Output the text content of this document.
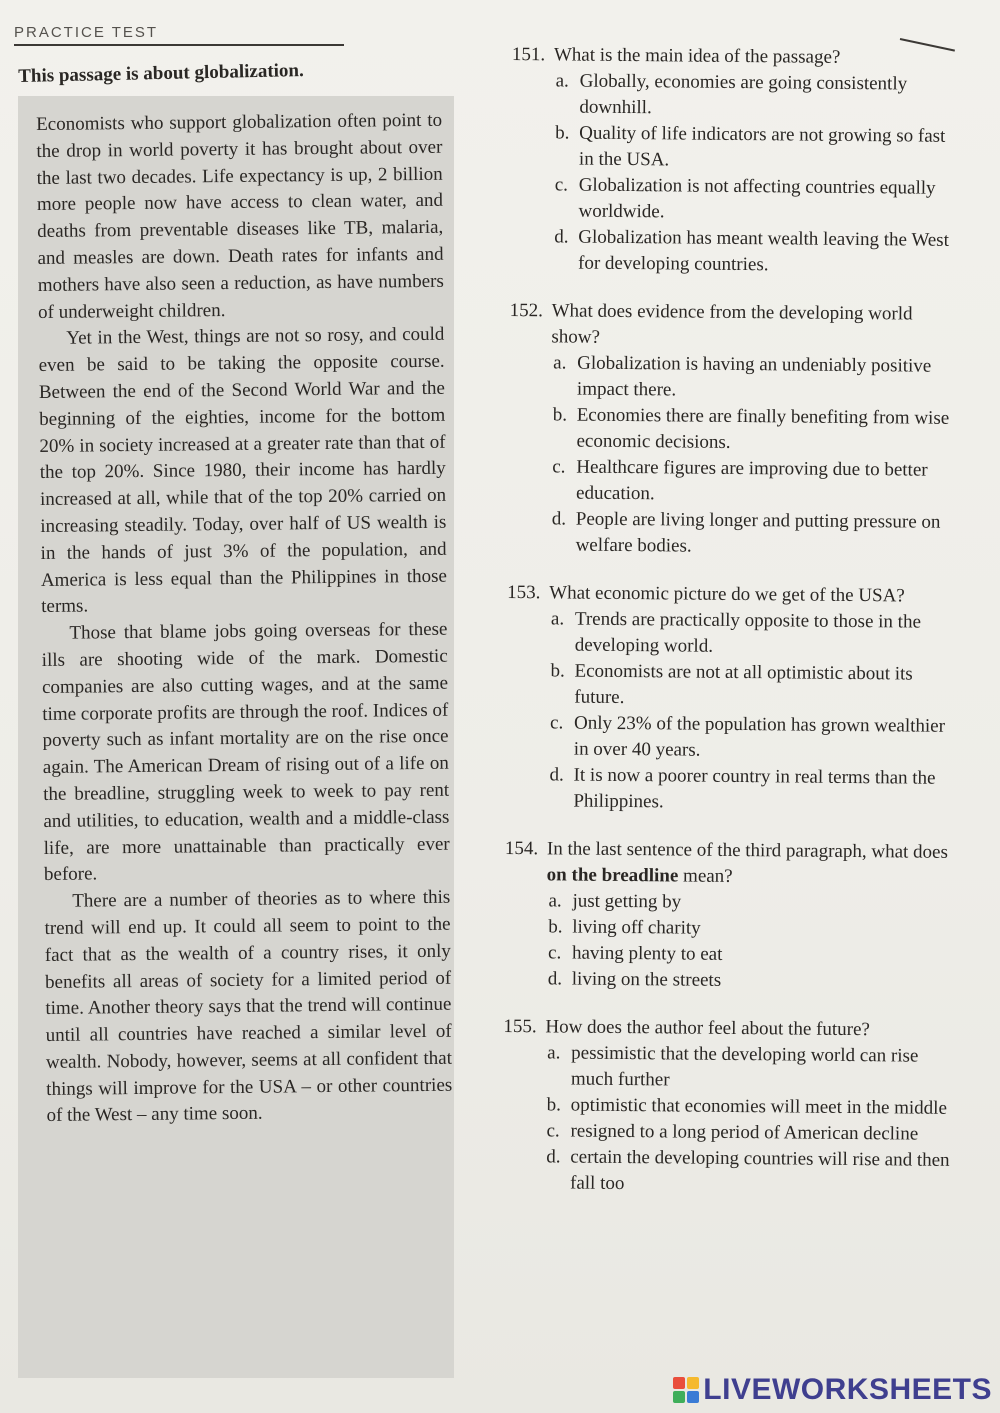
PRACTICE TEST
This passage is about globalization.

Economists who support globalization often point to the drop in world poverty it has brought about over the last two decades. Life expectancy is up, 2 billion more people now have access to clean water, and deaths from preventable diseases like TB, malaria, and measles are down. Death rates for infants and mothers have also seen a reduction, as have numbers of underweight children.

Yet in the West, things are not so rosy, and could even be said to be taking the opposite course. Between the end of the Second World War and the beginning of the eighties, income for the bottom 20% in society increased at a greater rate than that of the top 20%. Since 1980, their income has hardly increased at all, while that of the top 20% carried on increasing steadily. Today, over half of US wealth is in the hands of just 3% of the population, and America is less equal than the Philippines in those terms.

Those that blame jobs going overseas for these ills are shooting wide of the mark. Domestic companies are also cutting wages, and at the same time corporate profits are through the roof. Indices of poverty such as infant mortality are on the rise once again. The American Dream of rising out of a life on the breadline, struggling week to week to pay rent and utilities, to education, wealth and a middle-class life, are more unattainable than practically ever before.

There are a number of theories as to where this trend will end up. It could all seem to point to the fact that as the wealth of a country rises, it only benefits all areas of society for a limited period of time. Another theory says that the trend will continue until all countries have reached a similar level of wealth. Nobody, however, seems at all confident that things will improve for the USA – or other countries of the West – any time soon.

151. What is the main idea of the passage?
a. Globally, economies are going consistently downhill.
b. Quality of life indicators are not growing so fast in the USA.
c. Globalization is not affecting countries equally worldwide.
d. Globalization has meant wealth leaving the West for developing countries.
152. What does evidence from the developing world show?
a. Globalization is having an undeniably positive impact there.
b. Economies there are finally benefiting from wise economic decisions.
c. Healthcare figures are improving due to better education.
d. People are living longer and putting pressure on welfare bodies.
153. What economic picture do we get of the USA?
a. Trends are practically opposite to those in the developing world.
b. Economists are not at all optimistic about its future.
c. Only 23% of the population has grown wealthier in over 40 years.
d. It is now a poorer country in real terms than the Philippines.
154. In the last sentence of the third paragraph, what does on the breadline mean?
a. just getting by
b. living off charity
c. having plenty to eat
d. living on the streets
155. How does the author feel about the future?
a. pessimistic that the developing world can rise much further
b. optimistic that economies will meet in the middle
c. resigned to a long period of American decline
d. certain the developing countries will rise and then fall too
LIVEWORKSHEETS
